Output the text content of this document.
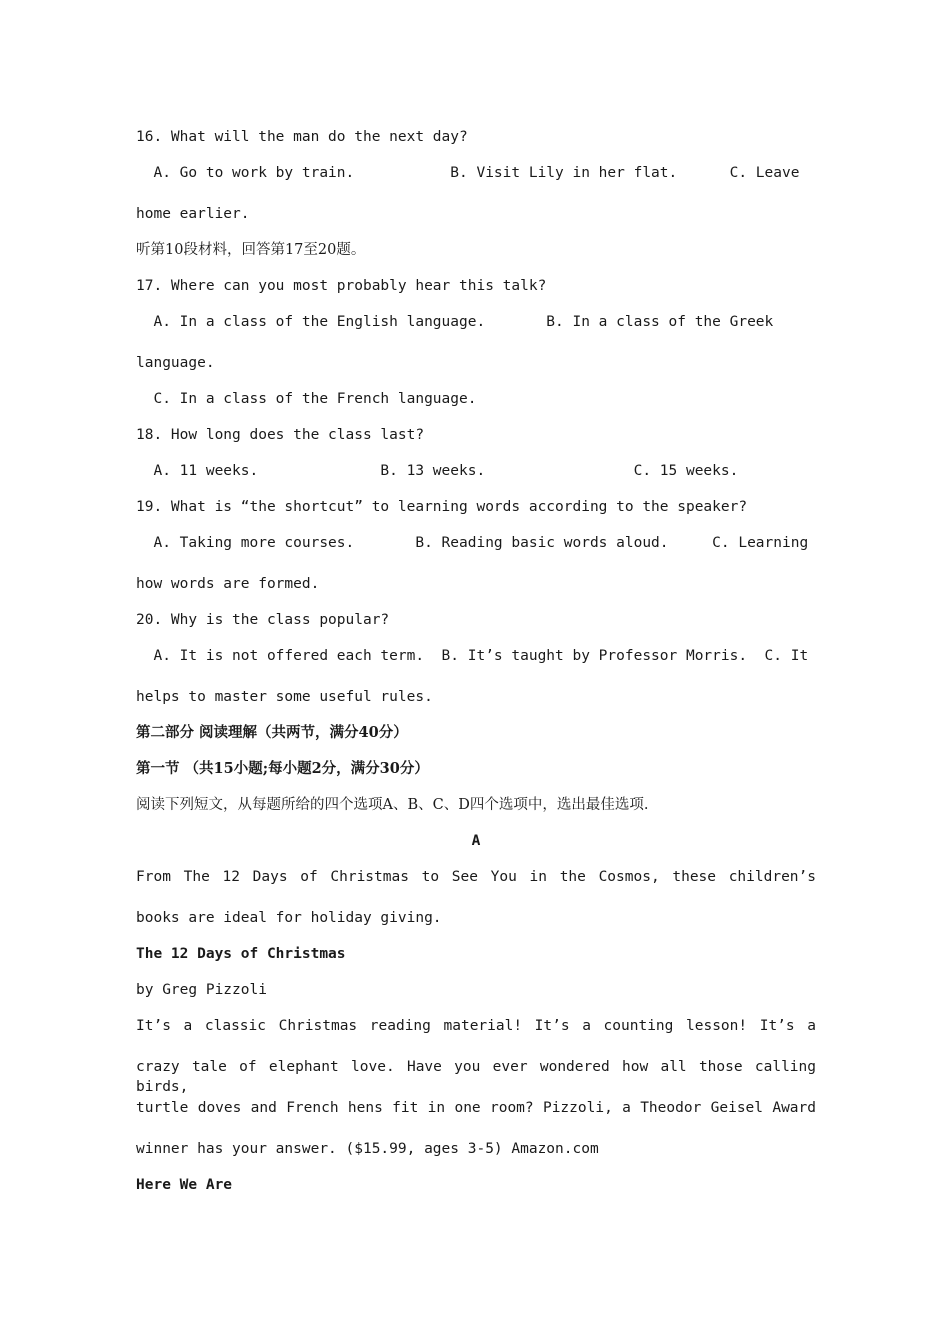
16. What will the man do the next day?
A. Go to work by train.           B. Visit Lily in her flat.      C. Leave
home earlier.
听第10段材料，回答第17至20题。
17. Where can you most probably hear this talk?
A. In a class of the English language.       B. In a class of the Greek
language.
C. In a class of the French language.
18. How long does the class last?
A. 11 weeks.              B. 13 weeks.                 C. 15 weeks.
19. What is “the shortcut” to learning words according to the speaker?
A. Taking more courses.       B. Reading basic words aloud.     C. Learning
how words are formed.
20. Why is the class popular?
A. It is not offered each term.  B. It’s taught by Professor Morris.  C. It
helps to master some useful rules.
第二部分 阅读理解（共两节，满分40分）
第一节 （共15小题;每小题2分，满分30分）
阅读下列短文，从每题所给的四个选项A、B、C、D四个选项中，选出最佳选项.
A
From The 12 Days of Christmas to See You in the Cosmos, these children’s
books are ideal for holiday giving.
The 12 Days of Christmas
by Greg Pizzoli
It’s a classic Christmas reading material! It’s a counting lesson! It’s a
crazy tale of elephant love. Have you ever wondered how all those calling birds,
turtle doves and French hens fit in one room? Pizzoli, a Theodor Geisel Award
winner has your answer. ($15.99, ages 3-5) Amazon.com
Here We Are
